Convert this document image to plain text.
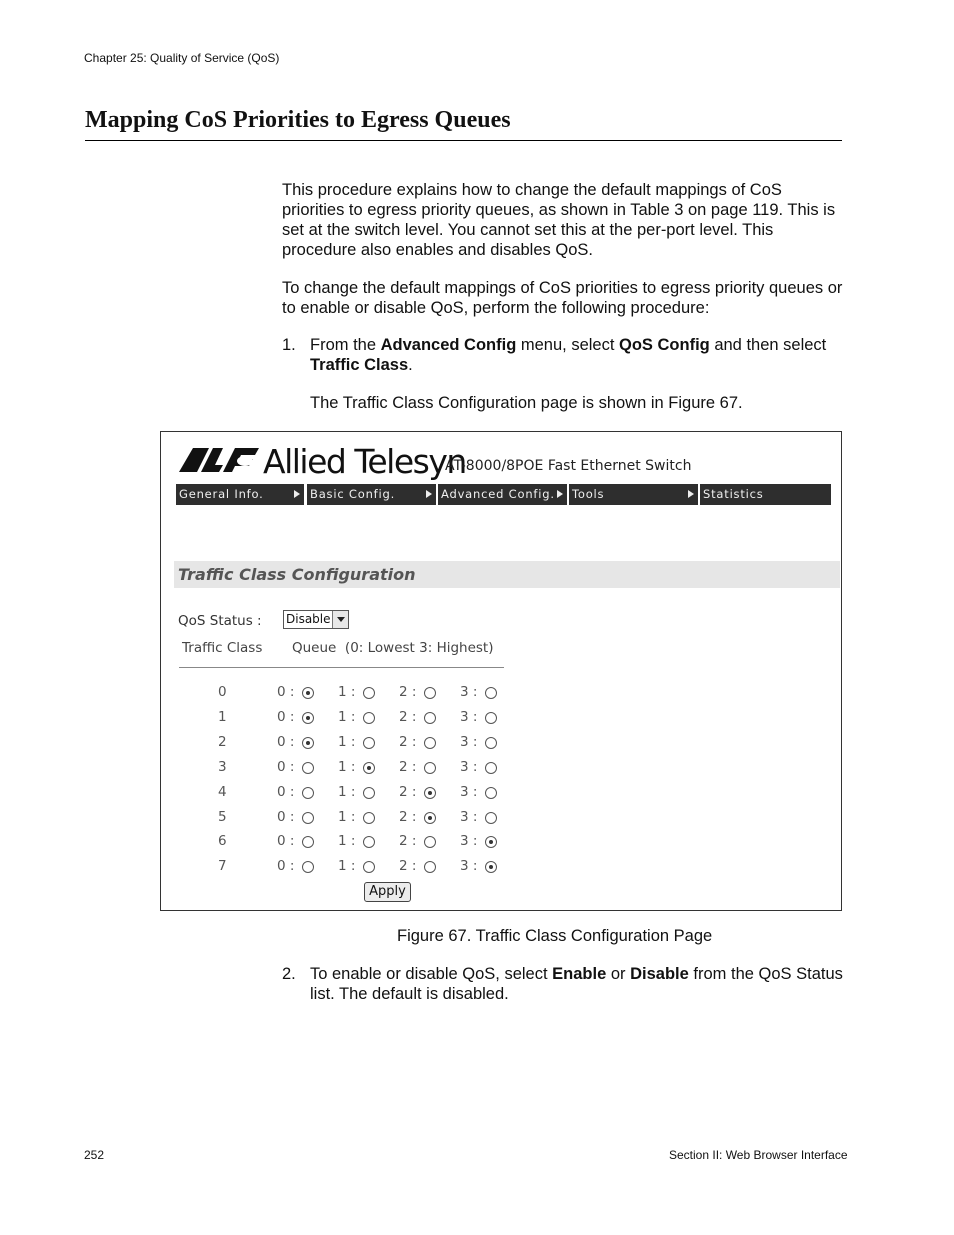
Chapter 25: Quality of Service (QoS)
Mapping CoS Priorities to Egress Queues
This procedure explains how to change the default mappings of CoS priorities to egress priority queues, as shown in Table 3 on page 119. This is set at the switch level. You cannot set this at the per-port level. This procedure also enables and disables QoS.
To change the default mappings of CoS priorities to egress priority queues or to enable or disable QoS, perform the following procedure:
1. From the Advanced Config menu, select QoS Config and then select Traffic Class.
The Traffic Class Configuration page is shown in Figure 67.
Allied Telesyn
AT-8000/8POE Fast Ethernet Switch
General Info.	Basic Config.	Advanced Config.	Tools	Statistics
Traffic Class Configuration
QoS Status : Disable
Traffic Class Queue  (0: Lowest 3: Highest)
0	0 :	1 :	2 :	3 :
1	0 :	1 :	2 :	3 :
2	0 :	1 :	2 :	3 :
3	0 :	1 :	2 :	3 :
4	0 :	1 :	2 :	3 :
5	0 :	1 :	2 :	3 :
6	0 :	1 :	2 :	3 :
7	0 :	1 :	2 :	3 :
Apply
Figure 67. Traffic Class Configuration Page
2. To enable or disable QoS, select Enable or Disable from the QoS Status list. The default is disabled.
252	Section II: Web Browser Interface
